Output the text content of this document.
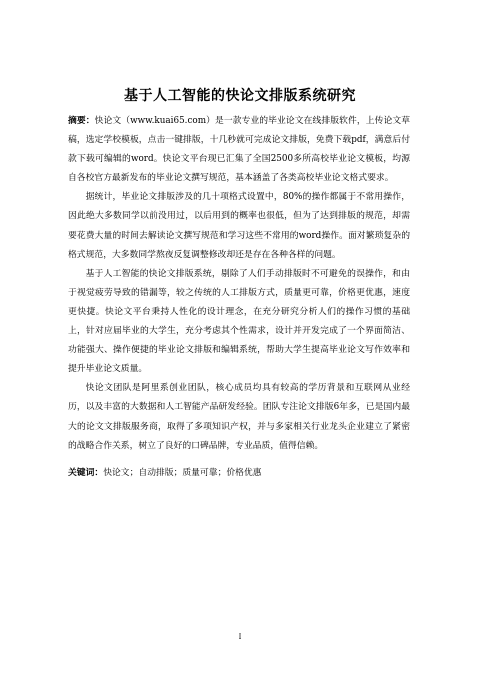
基于人工智能的快论文排版系统研究

摘要：快论文（www.kuai65.com）是一款专业的毕业论文在线排版软件，上传论文草稿，选定学校模板，点击一键排版，十几秒就可完成论文排版，免费下载pdf，满意后付款下载可编辑的word。快论文平台现已汇集了全国2500多所高校毕业论文模板，均源自各校官方最新发布的毕业论文撰写规范，基本涵盖了各类高校毕业论文格式要求。

据统计，毕业论文排版涉及的几十项格式设置中，80%的操作都属于不常用操作，因此绝大多数同学以前没用过，以后用到的概率也很低，但为了达到排版的规范，却需要花费大量的时间去解读论文撰写规范和学习这些不常用的word操作。面对繁琐复杂的格式规范，大多数同学熬夜反复调整修改却还是存在各种各样的问题。

基于人工智能的快论文排版系统，剔除了人们手动排版时不可避免的误操作，和由于视觉疲劳导致的错漏等，较之传统的人工排版方式，质量更可靠，价格更优惠，速度更快捷。快论文平台秉持人性化的设计理念，在充分研究分析人们的操作习惯的基础上，针对应届毕业的大学生，充分考虑其个性需求，设计并开发完成了一个界面简洁、功能强大、操作便捷的毕业论文排版和编辑系统，帮助大学生提高毕业论文写作效率和提升毕业论文质量。

快论文团队是阿里系创业团队，核心成员均具有较高的学历背景和互联网从业经历，以及丰富的大数据和人工智能产品研发经验。团队专注论文排版6年多，已是国内最大的论文文排版服务商，取得了多项知识产权，并与多家相关行业龙头企业建立了紧密的战略合作关系，树立了良好的口碑品牌，专业品质，值得信赖。

关键词：快论文；自动排版；质量可靠；价格优惠

I
